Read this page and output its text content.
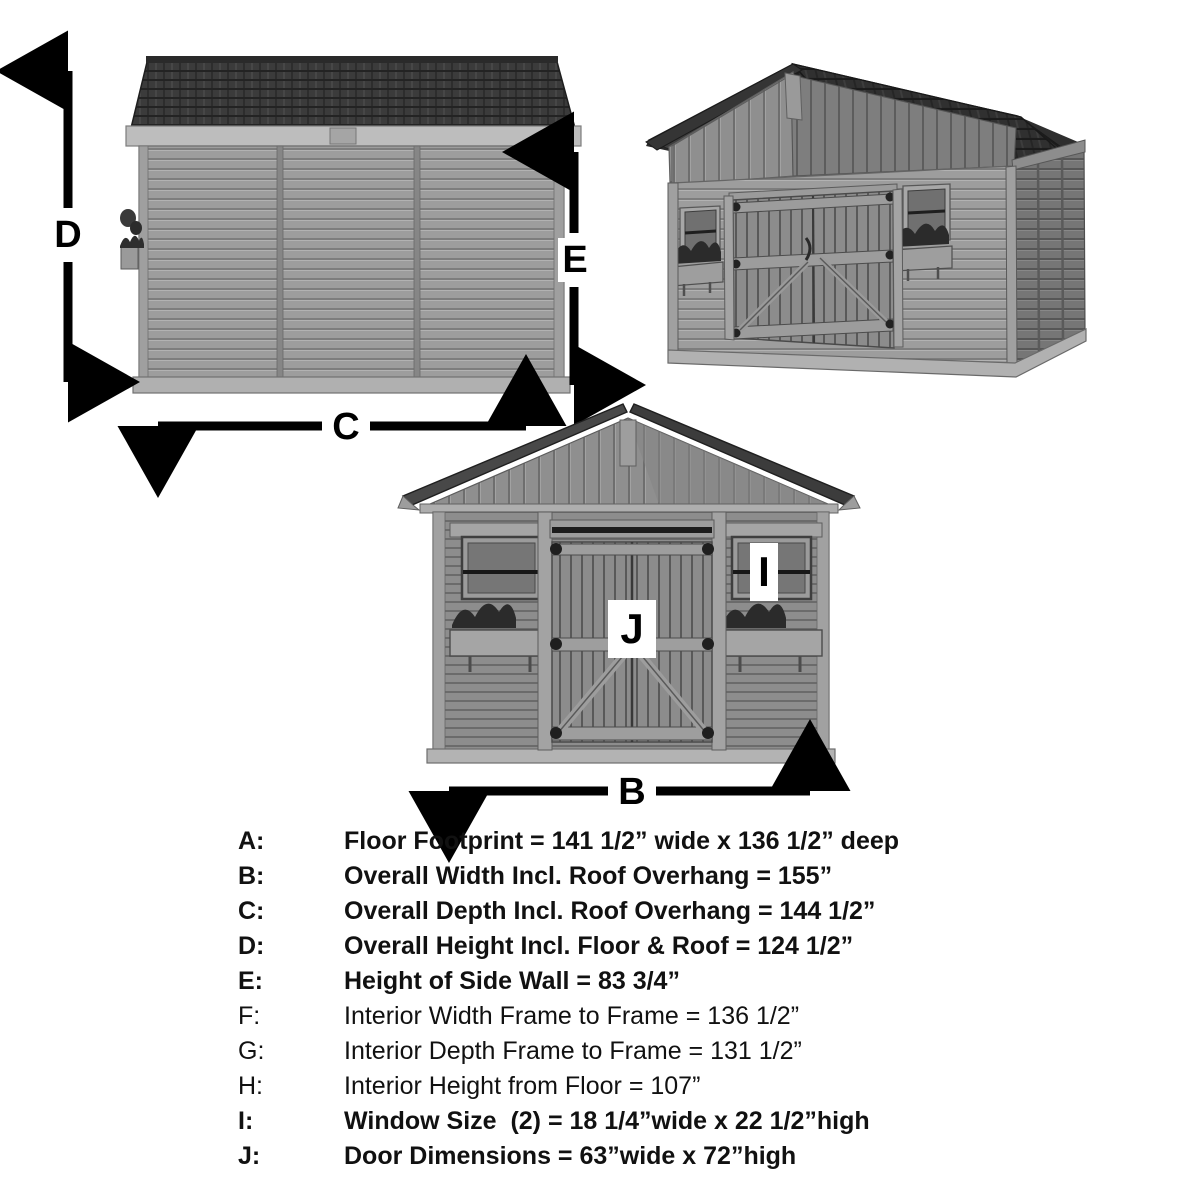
D
E
C
B
I
J
A:	Floor Footprint = 141 1/2” wide x 136 1/2” deep
B:	Overall Width Incl. Roof Overhang = 155”
C:	Overall Depth Incl. Roof Overhang = 144 1/2”
D:	Overall Height Incl. Floor & Roof = 124 1/2”
E:	Height of Side Wall = 83 3/4”
F:	Interior Width Frame to Frame = 136 1/2”
G:	Interior Depth Frame to Frame = 131 1/2”
H:	Interior Height from Floor = 107”
I:	Window Size  (2) = 18 1/4”wide x 22 1/2”high
J:	Door Dimensions = 63”wide x 72”high
